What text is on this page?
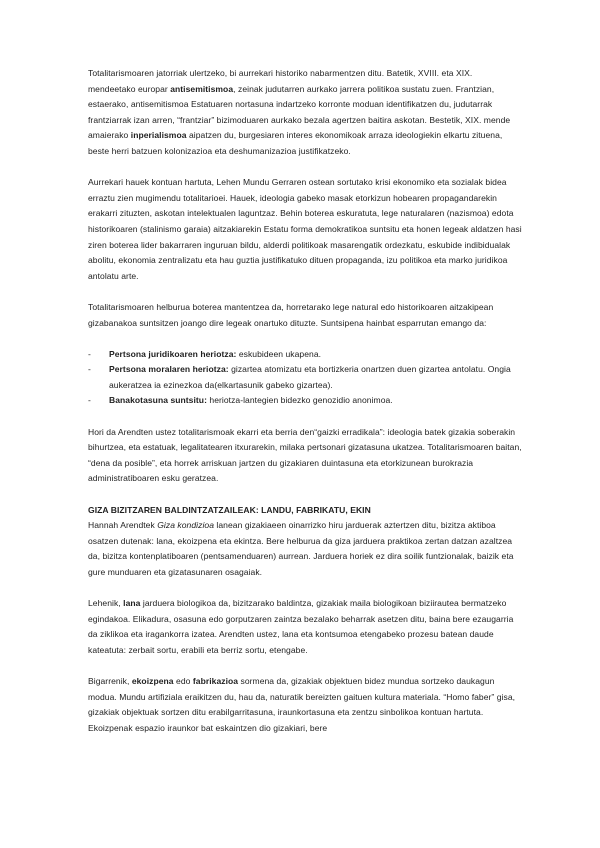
Totalitarismoaren jatorriak ulertzeko, bi aurrekari historiko nabarmentzen ditu. Batetik, XVIII. eta XIX. mendeetako europar antisemitismoa, zeinak judutarren aurkako jarrera politikoa sustatu zuen. Frantzian, estaerako, antisemitismoa Estatuaren nortasuna indartzeko korronte moduan identifikatzen du, judutarrak frantziarrak izan arren, “frantziar” bizimoduaren aurkako bezala agertzen baitira askotan. Bestetik, XIX. mende amaierako inperialismoa aipatzen du, burgesiaren interes ekonomikoak arraza ideologiekin elkartu zituena, beste herri batzuen kolonizazioa eta deshumanizazioa justifikatzeko.

Aurrekari hauek kontuan hartuta, Lehen Mundu Gerraren ostean sortutako krisi ekonomiko eta sozialak bidea erraztu zien mugimendu totalitarioei. Hauek, ideologia gabeko masak etorkizun hobearen propagandarekin erakarri zituzten, askotan intelektualen laguntzaz. Behin boterea eskuratuta, lege naturalaren (nazismoa) edota historikoaren (stalinismo garaia) aitzakiarekin Estatu forma demokratikoa suntsitu eta honen legeak aldatzen hasi ziren boterea lider bakarraren inguruan bildu, alderdi politikoak masarengatik ordezkatu, eskubide indibidualak abolitu, ekonomia zentralizatu eta hau guztia justifikatuko dituen propaganda, izu politikoa eta marko juridikoa antolatu arte.

Totalitarismoaren helburua boterea mantentzea da, horretarako lege natural edo historikoaren aitzakipean gizabanakoa suntsitzen joango dire legeak onartuko dituzte. Suntsipena hainbat esparrutan emango da:

- Pertsona juridikoaren heriotza: eskubideen ukapena.
- Pertsona moralaren heriotza: gizartea atomizatu eta bortizkeria onartzen duen gizartea antolatu. Ongia aukeratzea ia ezinezkoa da(elkartasunik gabeko gizartea).
- Banakotasuna suntsitu: heriotza-lantegien bidezko genozidio anonimoa.

Hori da Arendten ustez totalitarismoak ekarri eta berria den“gaizki erradikala”: ideologia batek gizakia soberakin bihurtzea, eta estatuak, legalitatearen itxurarekin, milaka pertsonari gizatasuna ukatzea. Totalitarismoaren baitan, “dena da posible”, eta horrek arriskuan jartzen du gizakiaren duintasuna eta etorkizunean burokrazia administratiboaren esku geratzea.

GIZA BIZITZAREN BALDINTZATZAILEAK: LANDU, FABRIKATU, EKIN

Hannah Arendtek Giza kondizioa lanean gizakiaeen oinarrizko hiru jarduerak aztertzen ditu, bizitza aktiboa osatzen dutenak: lana, ekoizpena eta ekintza. Bere helburua da giza jarduera praktikoa zertan datzan azaltzea da, bizitza kontenplatiboaren (pentsamenduaren) aurrean. Jarduera horiek ez dira soilik funtzionalak, baizik eta gure munduaren eta gizatasunaren osagaiak.

Lehenik, lana jarduera biologikoa da, bizitzarako baldintza, gizakiak maila biologikoan biziirautea bermatzeko egindakoa. Elikadura, osasuna edo gorputzaren zaintza bezalako beharrak asetzen ditu, baina bere ezaugarria da ziklikoa eta iragankorra izatea. Arendten ustez, lana eta kontsumoa etengabeko prozesu batean daude kateatuta: zerbait sortu, erabili eta berriz sortu, etengabe.

Bigarrenik, ekoizpena edo fabrikazioa sormena da, gizakiak objektuen bidez mundua sortzeko daukagun modua. Mundu artifiziala eraikitzen du, hau da, naturatik bereizten gaituen kultura materiala. “Homo faber” gisa, gizakiak objektuak sortzen ditu erabilgarritasuna, iraunkortasuna eta zentzu sinbolikoa kontuan hartuta. Ekoizpenak espazio iraunkor bat eskaintzen dio gizakiari, bere
